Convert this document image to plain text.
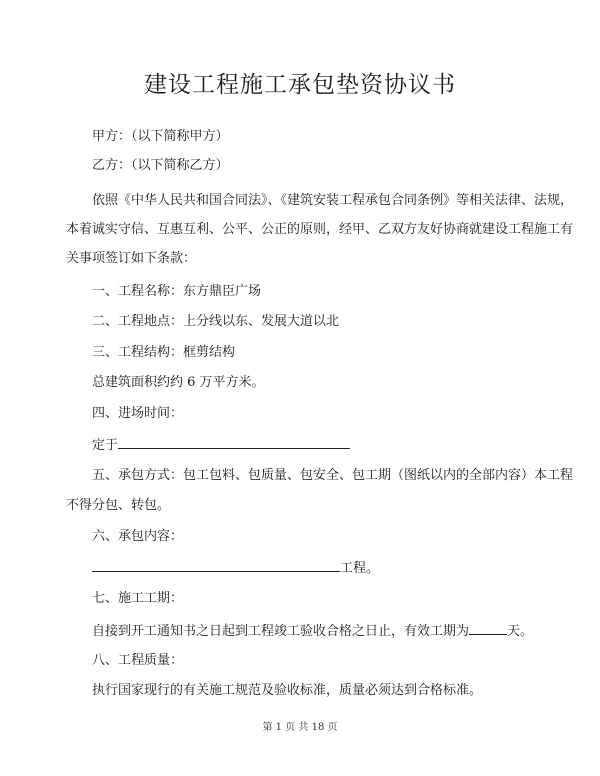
建设工程施工承包垫资协议书
甲方：（以下简称甲方）
乙方：（以下简称乙方）
依照《中华人民共和国合同法》、《建筑安装工程承包合同条例》等相关法律、法规，
本着诚实守信、互惠互利、公平、公正的原则，经甲、乙双方友好协商就建设工程施工有
关事项签订如下条款：
一、工程名称：东方鼎臣广场
二、工程地点：上分线以东、发展大道以北
三、工程结构：框剪结构
总建筑面积约约 6 万平方米。
四、进场时间：
定于
五、承包方式：包工包料、包质量、包安全、包工期（图纸以内的全部内容）本工程
不得分包、转包。
六、承包内容：
工程。
七、施工工期：
自接到开工通知书之日起到工程竣工验收合格之日止，有效工期为	天。
八、工程质量：
执行国家现行的有关施工规范及验收标准，质量必须达到合格标准。
第 1 页 共 18 页
